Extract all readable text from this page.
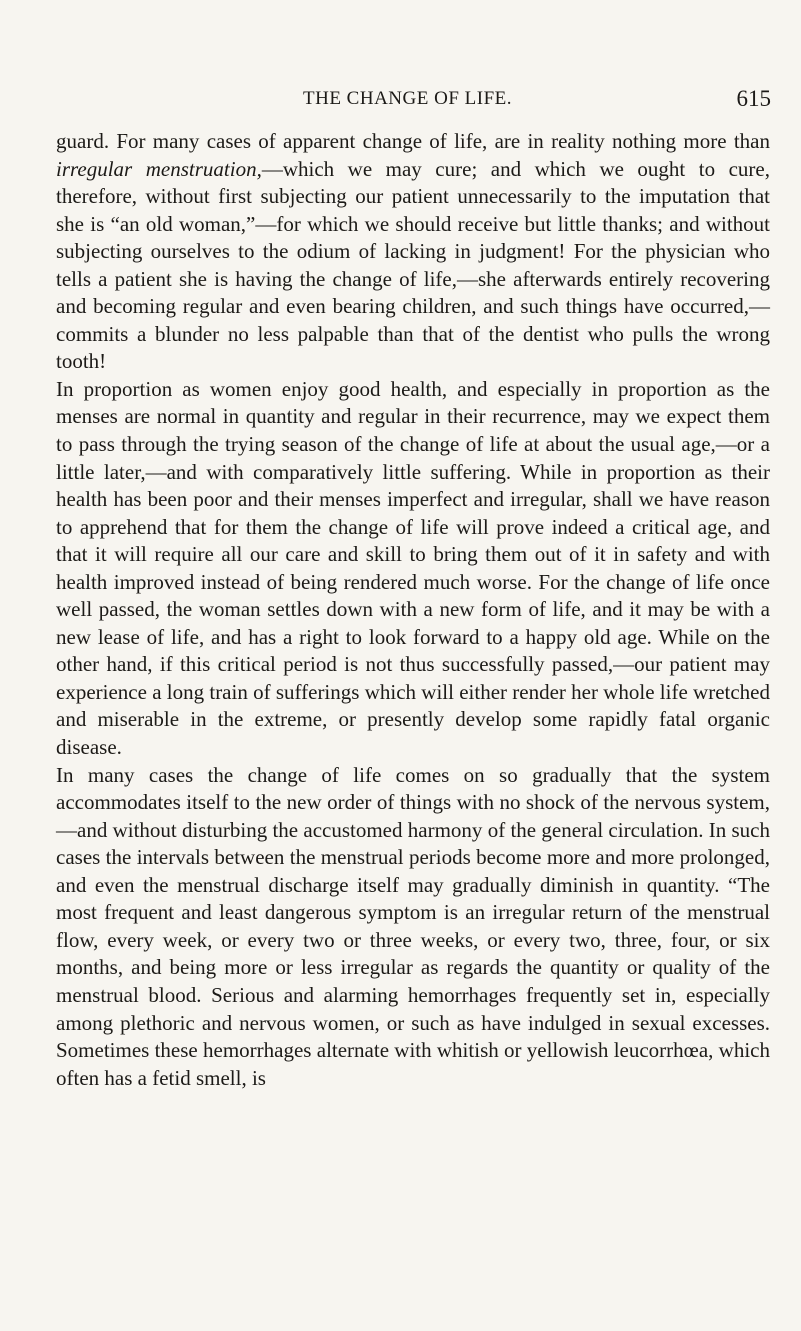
THE CHANGE OF LIFE.	615

guard. For many cases of apparent change of life, are in reality nothing more than irregular menstruation,—which we may cure; and which we ought to cure, therefore, without first subjecting our patient unnecessarily to the imputation that she is “an old woman,”—for which we should receive but little thanks; and without subjecting ourselves to the odium of lacking in judgment! For the physician who tells a patient she is having the change of life,—she afterwards entirely recovering and becoming regular and even bearing children, and such things have occurred,—commits a blunder no less palpable than that of the dentist who pulls the wrong tooth!

In proportion as women enjoy good health, and especially in proportion as the menses are normal in quantity and regular in their recurrence, may we expect them to pass through the trying season of the change of life at about the usual age,—or a little later,—and with comparatively little suffering. While in proportion as their health has been poor and their menses imperfect and irregular, shall we have reason to apprehend that for them the change of life will prove indeed a critical age, and that it will require all our care and skill to bring them out of it in safety and with health improved instead of being rendered much worse. For the change of life once well passed, the woman settles down with a new form of life, and it may be with a new lease of life, and has a right to look forward to a happy old age. While on the other hand, if this critical period is not thus successfully passed,—our patient may experience a long train of sufferings which will either render her whole life wretched and miserable in the extreme, or presently develop some rapidly fatal organic disease.

In many cases the change of life comes on so gradually that the system accommodates itself to the new order of things with no shock of the nervous system,—and without disturbing the accustomed harmony of the general circulation. In such cases the intervals between the menstrual periods become more and more prolonged, and even the menstrual discharge itself may gradually diminish in quantity. “The most frequent and least dangerous symptom is an irregular return of the menstrual flow, every week, or every two or three weeks, or every two, three, four, or six months, and being more or less irregular as regards the quantity or quality of the menstrual blood. Serious and alarming hemorrhages frequently set in, especially among plethoric and nervous women, or such as have indulged in sexual excesses. Sometimes these hemorrhages alternate with whitish or yellowish leucorrhœa, which often has a fetid smell, is
